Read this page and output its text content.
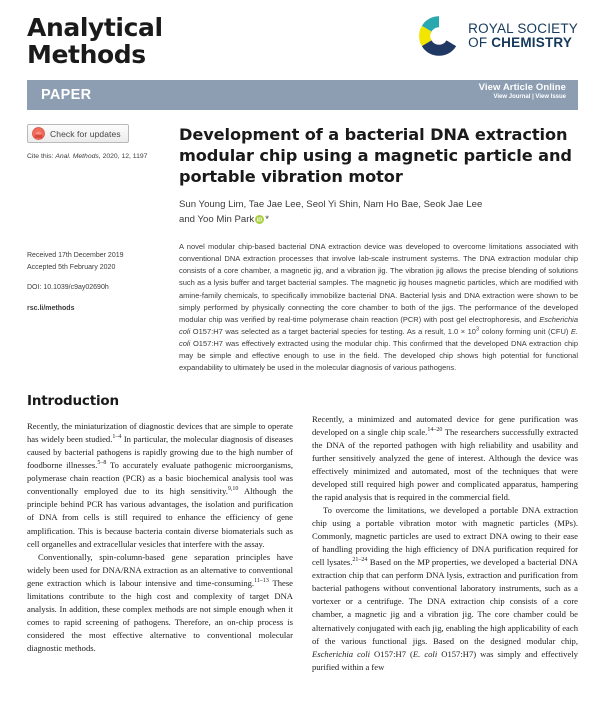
Analytical
Methods
ROYAL SOCIETY
OF CHEMISTRY
PAPER	View Article Online
View Journal | View Issue
Check for updates
Cite this: Anal. Methods, 2020, 12, 1197
Received 17th December 2019
Accepted 5th February 2020
DOI: 10.1039/c9ay02690h
rsc.li/methods
Development of a bacterial DNA extraction modular chip using a magnetic particle and portable vibration motor
Sun Young Lim, Tae Jae Lee, Seol Yi Shin, Nam Ho Bae, Seok Jae Lee
and Yoo Min Park iD *

A novel modular chip-based bacterial DNA extraction device was developed to overcome limitations associated with conventional DNA extraction processes that involve lab-scale instrument systems. The DNA extraction modular chip consists of a core chamber, a magnetic jig, and a vibration jig. The vibration jig allows the precise blending of solutions such as a lysis buffer and target bacterial samples. The magnetic jig houses magnetic particles, which are modified with amine-family chemicals, to specifically immobilize bacterial DNA. Bacterial lysis and DNA extraction were shown to be simply performed by physically connecting the core chamber to both of the jigs. The performance of the developed modular chip was verified by real-time polymerase chain reaction (PCR) with post gel electrophoresis, and Escherichia coli O157:H7 was selected as a target bacterial species for testing. As a result, $1.0 \times 10^3$ colony forming unit (CFU) E. coli O157:H7 was effectively extracted using the modular chip. This confirmed that the developed DNA extraction chip may be simple and effective enough to use in the field. The developed chip shows high potential for functional expandability to ultimately be used in the molecular diagnosis of various pathogens.

Introduction

Recently, the miniaturization of diagnostic devices that are simple to operate has widely been studied.$^{1-4}$ In particular, the molecular diagnosis of diseases caused by bacterial pathogens is rapidly growing due to the high number of foodborne illnesses.$^{5-8}$ To accurately evaluate pathogenic microorganisms, polymerase chain reaction (PCR) as a basic biochemical analysis tool was conventionally employed due to its high sensitivity.$^{9,10}$ Although the principle behind PCR has various advantages, the isolation and purification of DNA from cells is still required to enhance the efficiency of gene amplification. This is because bacteria contain diverse biomaterials such as cell organelles and extracellular vesicles that interfere with the assay.

Conventionally, spin-column-based gene separation principles have widely been used for DNA/RNA extraction as an alternative to conventional gene extraction which is labour intensive and time-consuming.$^{11-13}$ These limitations contribute to the high cost and complexity of target DNA analysis. In addition, these complex methods are not simple enough when it comes to rapid screening of pathogens. Therefore, an on-chip process is considered the most effective alternative to conventional molecular diagnostic methods.

Recently, a minimized and automated device for gene purification was developed on a single chip scale.$^{14-20}$ The researchers successfully extracted the DNA of the reported pathogen with high reliability and usability and further sensitively analyzed the gene of interest. Although the device was effectively minimized and automated, most of the techniques that were developed still required high power and complicated apparatus, hampering the rapid analysis that is required in the commercial field.

To overcome the limitations, we developed a portable DNA extraction chip using a portable vibration motor with magnetic particles (MPs). Commonly, magnetic particles are used to extract DNA owing to their ease of handling providing the high efficiency of DNA purification required for cell lysates.$^{21-24}$ Based on the MP properties, we developed a bacterial DNA extraction chip that can perform DNA lysis, extraction and purification from bacterial pathogens without conventional laboratory instruments, such as a vortexer or a centrifuge. The DNA extraction chip consists of a core chamber, a magnetic jig and a vibration jig. The core chamber could be alternatively conjugated with each jig, enabling the high applicability of each of the various functional jigs. Based on the designed modular chip, Escherichia coli O157:H7 (E. coli O157:H7) was simply and effectively purified within a few
